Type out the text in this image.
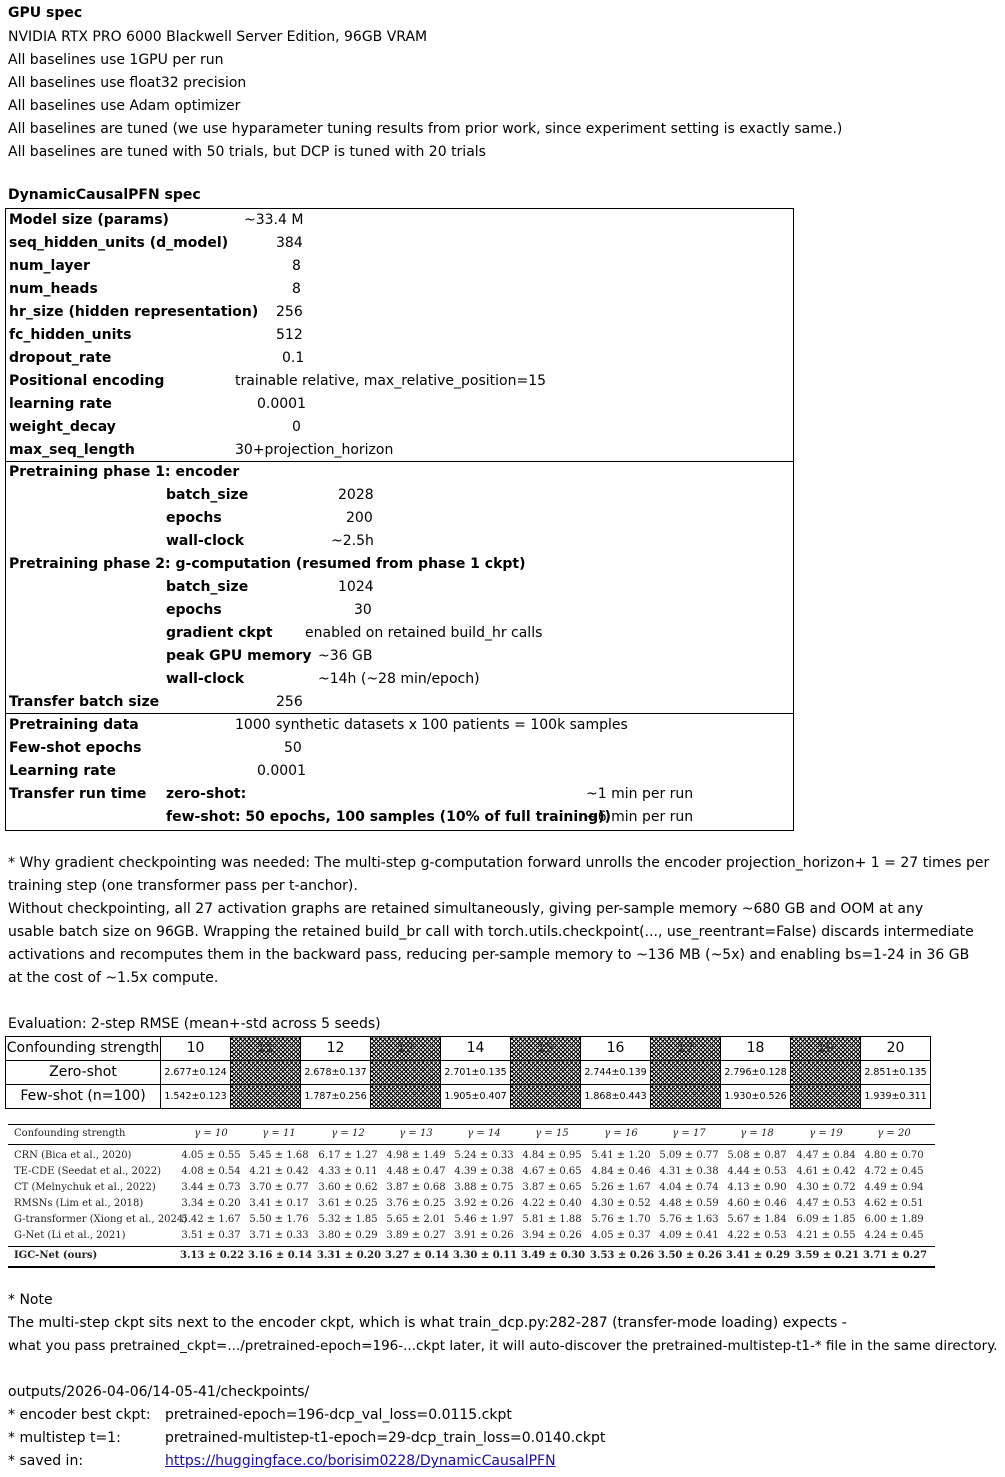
GPU spec
NVIDIA RTX PRO 6000 Blackwell Server Edition, 96GB VRAM
All baselines use 1GPU per run
All baselines use float32 precision
All baselines use Adam optimizer
All baselines are tuned (we use hyparameter tuning results from prior work, since experiment setting is exactly same.)
All baselines are tuned with 50 trials, but DCP is tuned with 20 trials
DynamicCausalPFN spec
Model size (params)	~33.4 M
seq_hidden_units (d_model)	384
num_layer	8
num_heads	8
hr_size (hidden representation) 256
fc_hidden_units	512
dropout_rate	0.1
Positional encoding	trainable relative, max_relative_position=15
learning rate	0.0001
weight_decay	0
max_seq_length	30+projection_horizon
Pretraining phase 1: encoder
batch_size	2028
epochs	200
wall-clock	~2.5h
Pretraining phase 2: g-computation (resumed from phase 1 ckpt)
batch_size	1024
epochs	30
gradient ckpt enabled on retained build_hr calls
peak GPU memory ~36 GB
wall-clock	~14h (~28 min/epoch)
Transfer batch size	256
Pretraining data	1000 synthetic datasets x 100 patients = 100k samples
Few-shot epochs	50
Learning rate	0.0001
Transfer run time zero-shot:	~1 min per run
few-shot: 50 epochs, 100 samples (10% of full training))
~6 min per run
* Why gradient checkpointing was needed: The multi-step g-computation forward unrolls the encoder projection_horizon+ 1 = 27 times per
training step (one transformer pass per t-anchor).
Without checkpointing, all 27 activation graphs are retained simultaneously, giving per-sample memory ~680 GB and OOM at any
usable batch size on 96GB. Wrapping the retained build_br call with torch.utils.checkpoint(..., use_reentrant=False) discards intermediate
activations and recomputes them in the backward pass, reducing per-sample memory to ~136 MB (~5x) and enabling bs=1-24 in 36 GB
at the cost of ~1.5x compute.
Evaluation: 2-step RMSE (mean+-std across 5 seeds)
Confounding strength	10	11	12	13	14	15	16	17	18	19	20
Zero-shot	2.677±0.124		2.678±0.137		2.701±0.135		2.744±0.139		2.796±0.128		2.851±0.135
Few-shot (n=100)	1.542±0.123		1.787±0.256		1.905±0.407		1.868±0.443		1.930±0.526		1.939±0.311
Confounding strength	γ = 10	γ = 11	γ = 12	γ = 13	γ = 14	γ = 15	γ = 16	γ = 17	γ = 18	γ = 19	γ = 20
CRN (Bica et al., 2020)	4.05 ± 0.55 5.45 ± 1.68 6.17 ± 1.27 4.98 ± 1.49 5.24 ± 0.33 4.84 ± 0.95 5.41 ± 1.20 5.09 ± 0.77 5.08 ± 0.87 4.47 ± 0.84 4.80 ± 0.70
TE-CDE (Seedat et al., 2022)	4.08 ± 0.54 4.21 ± 0.42 4.33 ± 0.11 4.48 ± 0.47 4.39 ± 0.38 4.67 ± 0.65 4.84 ± 0.46 4.31 ± 0.38 4.44 ± 0.53 4.61 ± 0.42 4.72 ± 0.45
CT (Melnychuk et al., 2022)	3.44 ± 0.73 3.70 ± 0.77 3.60 ± 0.62 3.87 ± 0.68 3.88 ± 0.75 3.87 ± 0.65 5.26 ± 1.67 4.04 ± 0.74 4.13 ± 0.90 4.30 ± 0.72 4.49 ± 0.94
RMSNs (Lim et al., 2018)	3.34 ± 0.20 3.41 ± 0.17 3.61 ± 0.25 3.76 ± 0.25 3.92 ± 0.26 4.22 ± 0.40 4.30 ± 0.52 4.48 ± 0.59 4.60 ± 0.46 4.47 ± 0.53 4.62 ± 0.51
G-transformer (Xiong et al., 2024)
5.42 ± 1.67 5.50 ± 1.76 5.32 ± 1.85 5.65 ± 2.01 5.46 ± 1.97 5.81 ± 1.88 5.76 ± 1.70 5.76 ± 1.63 5.67 ± 1.84 6.09 ± 1.85 6.00 ± 1.89
G-Net (Li et al., 2021)	3.51 ± 0.37 3.71 ± 0.33 3.80 ± 0.29 3.89 ± 0.27 3.91 ± 0.26 3.94 ± 0.26 4.05 ± 0.37 4.09 ± 0.41 4.22 ± 0.53 4.21 ± 0.55 4.24 ± 0.45
IGC-Net (ours)	3.13 ± 0.22 3.16 ± 0.14 3.31 ± 0.20 3.27 ± 0.14 3.30 ± 0.11 3.49 ± 0.30 3.53 ± 0.26 3.50 ± 0.26 3.41 ± 0.29 3.59 ± 0.21 3.71 ± 0.27
* Note
The multi-step ckpt sits next to the encoder ckpt, which is what train_dcp.py:282-287 (transfer-mode loading) expects -
what you pass pretrained_ckpt=.../pretrained-epoch=196-...ckpt later, it will auto-discover the pretrained-multistep-t1-* file in the same directory.
outputs/2026-04-06/14-05-41/checkpoints/
* encoder best ckpt: pretrained-epoch=196-dcp_val_loss=0.0115.ckpt
* multistep t=1:	pretrained-multistep-t1-epoch=29-dcp_train_loss=0.0140.ckpt
* saved in:	https://huggingface.co/borisim0228/DynamicCausalPFN
